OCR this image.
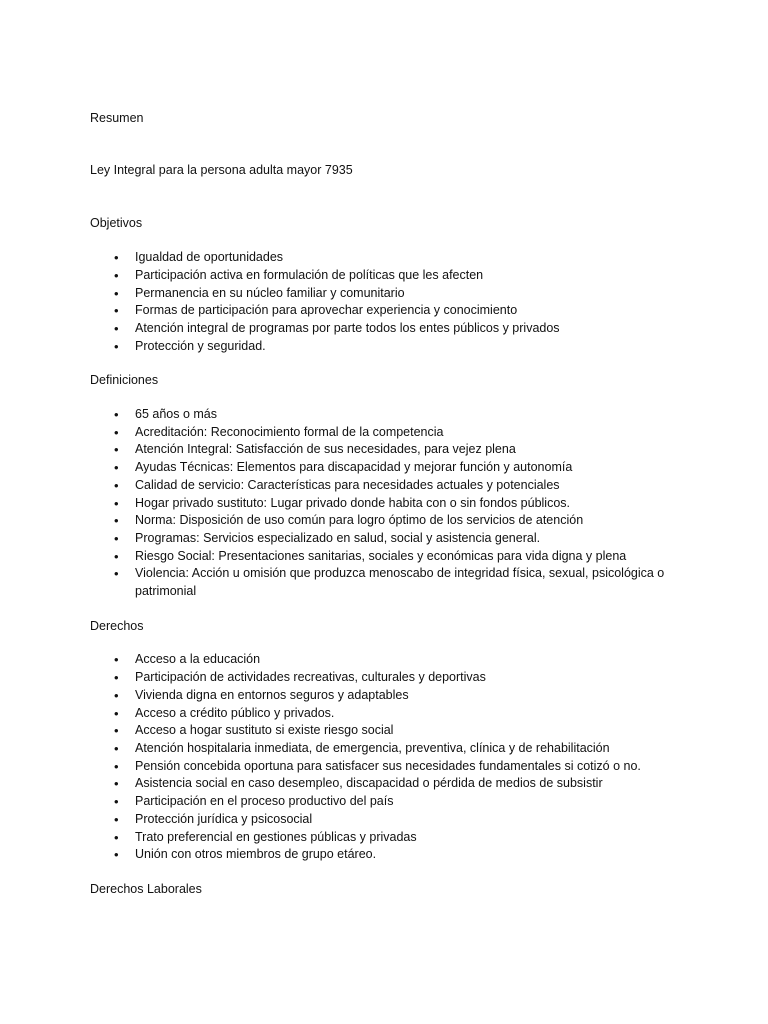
Resumen

Ley Integral para la persona adulta mayor 7935

Objetivos

• Igualdad de oportunidades
• Participación activa en formulación de políticas que les afecten
• Permanencia en su núcleo familiar y comunitario
• Formas de participación para aprovechar experiencia y conocimiento
• Atención integral de programas por parte todos los entes públicos y privados
• Protección y seguridad.

Definiciones

• 65 años o más
• Acreditación: Reconocimiento formal de la competencia
• Atención Integral: Satisfacción de sus necesidades, para vejez plena
• Ayudas Técnicas: Elementos para discapacidad y mejorar función y autonomía
• Calidad de servicio: Características para necesidades actuales y potenciales
• Hogar privado sustituto: Lugar privado donde habita con o sin fondos públicos.
• Norma: Disposición de uso común para logro óptimo de los servicios de atención
• Programas: Servicios especializado en salud, social y asistencia general.
• Riesgo Social: Presentaciones sanitarias, sociales y económicas para vida digna y plena
• Violencia: Acción u omisión que produzca menoscabo de integridad física, sexual, psicológica o patrimonial

Derechos

• Acceso a la educación
• Participación de actividades recreativas, culturales y deportivas
• Vivienda digna en entornos seguros y adaptables
• Acceso a crédito público y privados.
• Acceso a hogar sustituto si existe riesgo social
• Atención hospitalaria inmediata, de emergencia, preventiva, clínica y de rehabilitación
• Pensión concebida oportuna para satisfacer sus necesidades fundamentales si cotizó o no.
• Asistencia social en caso desempleo, discapacidad o pérdida de medios de subsistir
• Participación en el proceso productivo del país
• Protección jurídica y psicosocial
• Trato preferencial en gestiones públicas y privadas
• Unión con otros miembros de grupo etáreo.

Derechos Laborales
